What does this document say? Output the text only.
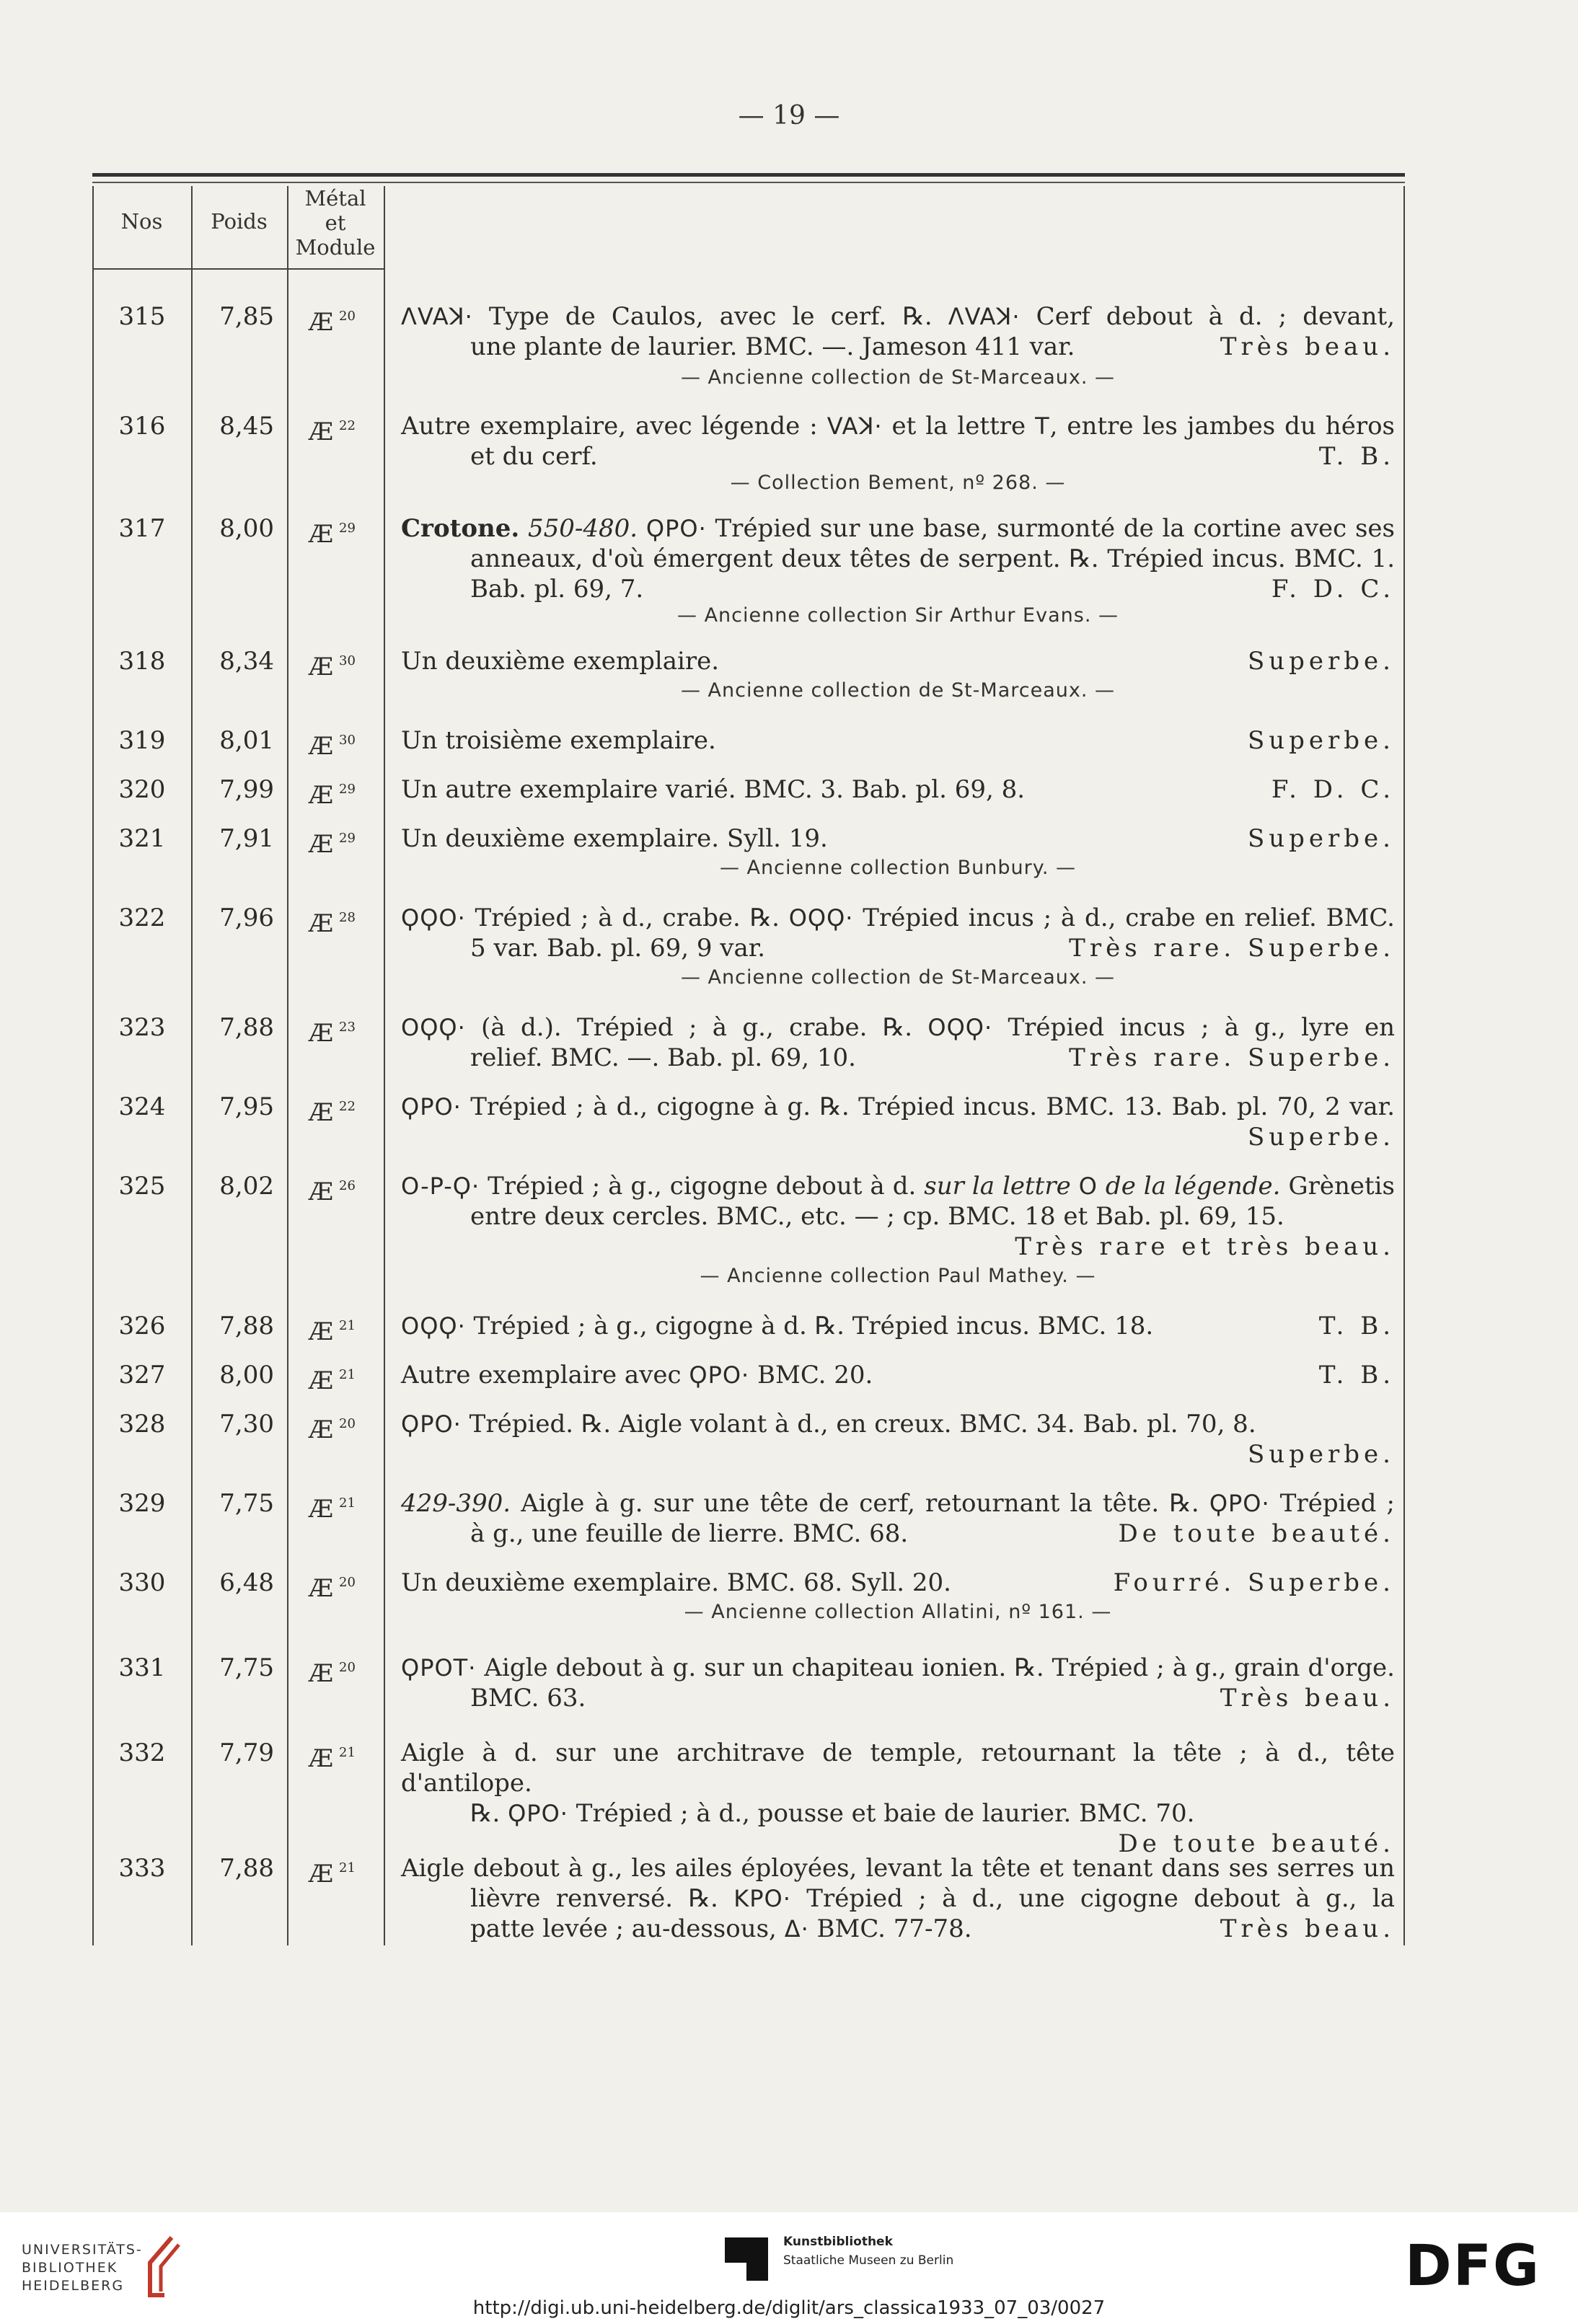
— 19 —
Nos	Poids
Métal
et
Module
315	7,85 Æ $^{20}$	ΛVAꓘ· Type de Caulos, avec le cerf. ℞. ΛVAꓘ· Cerf debout à d. ; devant,
une plante de laurier. BMC. —. Jameson 411 var.	Très beau.
— Ancienne collection de St-Marceaux. —
316	8,45 Æ $^{22}$	Autre exemplaire, avec légende : VAꓘ· et la lettre T, entre les jambes du héros
et du cerf.	T. B.
— Collection Bement, nº 268. —
317	8,00 Æ $^{29}$	Crotone. 550-480. ϘPO· Trépied sur une base, surmonté de la cortine avec ses
anneaux, d'où émergent deux têtes de serpent. ℞. Trépied incus. BMC. 1.
Bab. pl. 69, 7.	F. D. C.
— Ancienne collection Sir Arthur Evans. —
318	8,34 Æ $^{30}$	Un deuxième exemplaire.	Superbe.
— Ancienne collection de St-Marceaux. —
319	8,01 Æ $^{30}$	Un troisième exemplaire.	Superbe.
320	7,99 Æ $^{29}$	Un autre exemplaire varié. BMC. 3. Bab. pl. 69, 8.	F. D. C.
321	7,91 Æ $^{29}$	Un deuxième exemplaire. Syll. 19.	Superbe.
— Ancienne collection Bunbury. —
322	7,96 Æ $^{28}$	ϘϘO· Trépied ; à d., crabe. ℞. OϘϘ· Trépied incus ; à d., crabe en relief. BMC.
5 var. Bab. pl. 69, 9 var.	Très rare. Superbe.
— Ancienne collection de St-Marceaux. —
323	7,88 Æ $^{23}$	OϘϘ· (à d.). Trépied ; à g., crabe. ℞. OϘϘ· Trépied incus ; à g., lyre en
relief. BMC. —. Bab. pl. 69, 10.	Très rare. Superbe.
324	7,95 Æ $^{22}$	ϘPO· Trépied ; à d., cigogne à g. ℞. Trépied incus. BMC. 13. Bab. pl. 70, 2 var.
Superbe.
325	8,02 Æ $^{26}$	O-P-Ϙ· Trépied ; à g., cigogne debout à d. sur la lettre O de la légende. Grènetis
entre deux cercles. BMC., etc. — ; cp. BMC. 18 et Bab. pl. 69, 15.
Très rare et très beau.
— Ancienne collection Paul Mathey. —
326	7,88 Æ $^{21}$	OϘϘ· Trépied ; à g., cigogne à d. ℞. Trépied incus. BMC. 18.	T. B.
327	8,00 Æ $^{21}$	Autre exemplaire avec ϘPO· BMC. 20.	T. B.
328	7,30 Æ $^{20}$	ϘPO· Trépied. ℞. Aigle volant à d., en creux. BMC. 34. Bab. pl. 70, 8.
Superbe.
329	7,75 Æ $^{21}$	429-390. Aigle à g. sur une tête de cerf, retournant la tête. ℞. ϘPO· Trépied ;
à g., une feuille de lierre. BMC. 68.	De toute beauté.
330	6,48 Æ $^{20}$	Un deuxième exemplaire. BMC. 68. Syll. 20.	Fourré. Superbe.
— Ancienne collection Allatini, nº 161. —
331	7,75 Æ $^{20}$	ϘPOT· Aigle debout à g. sur un chapiteau ionien. ℞. Trépied ; à g., grain d'orge.
BMC. 63.	Très beau.
332	7,79 Æ $^{21}$	Aigle à d. sur une architrave de temple, retournant la tête ; à d., tête d'antilope.
℞. ϘPO· Trépied ; à d., pousse et baie de laurier. BMC. 70.
De toute beauté.
333	7,88 Æ $^{21}$	Aigle debout à g., les ailes éployées, levant la tête et tenant dans ses serres un
lièvre renversé. ℞. KPO· Trépied ; à d., une cigogne debout à g., la
patte levée ; au-dessous, Δ· BMC. 77-78.	Très beau.
UNIVERSITÄTS-
BIBLIOTHEK
HEIDELBERG
Kunstbibliothek
Staatliche Museen zu Berlin	DFG
http://digi.ub.uni-heidelberg.de/diglit/ars_classica1933_07_03/0027
